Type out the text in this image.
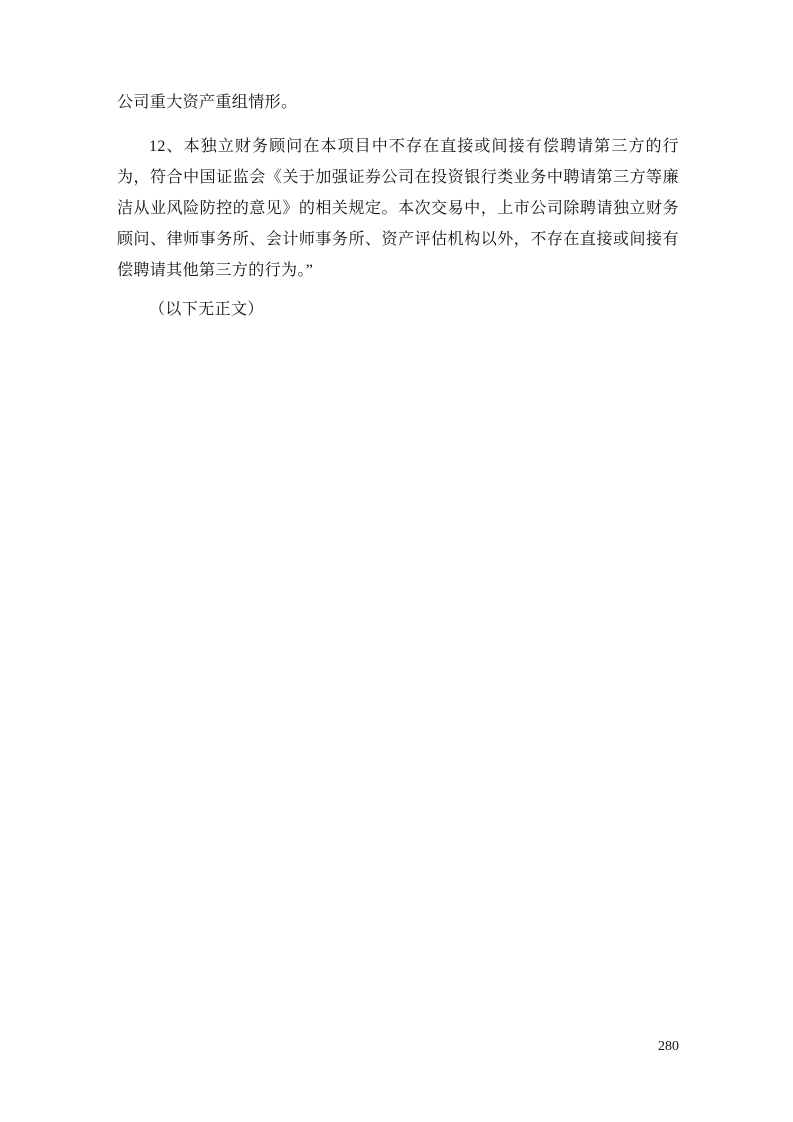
公司重大资产重组情形。

12、本独立财务顾问在本项目中不存在直接或间接有偿聘请第三方的行为，符合中国证监会《关于加强证券公司在投资银行类业务中聘请第三方等廉洁从业风险防控的意见》的相关规定。本次交易中，上市公司除聘请独立财务顾问、律师事务所、会计师事务所、资产评估机构以外，不存在直接或间接有偿聘请其他第三方的行为。”

（以下无正文）

280
